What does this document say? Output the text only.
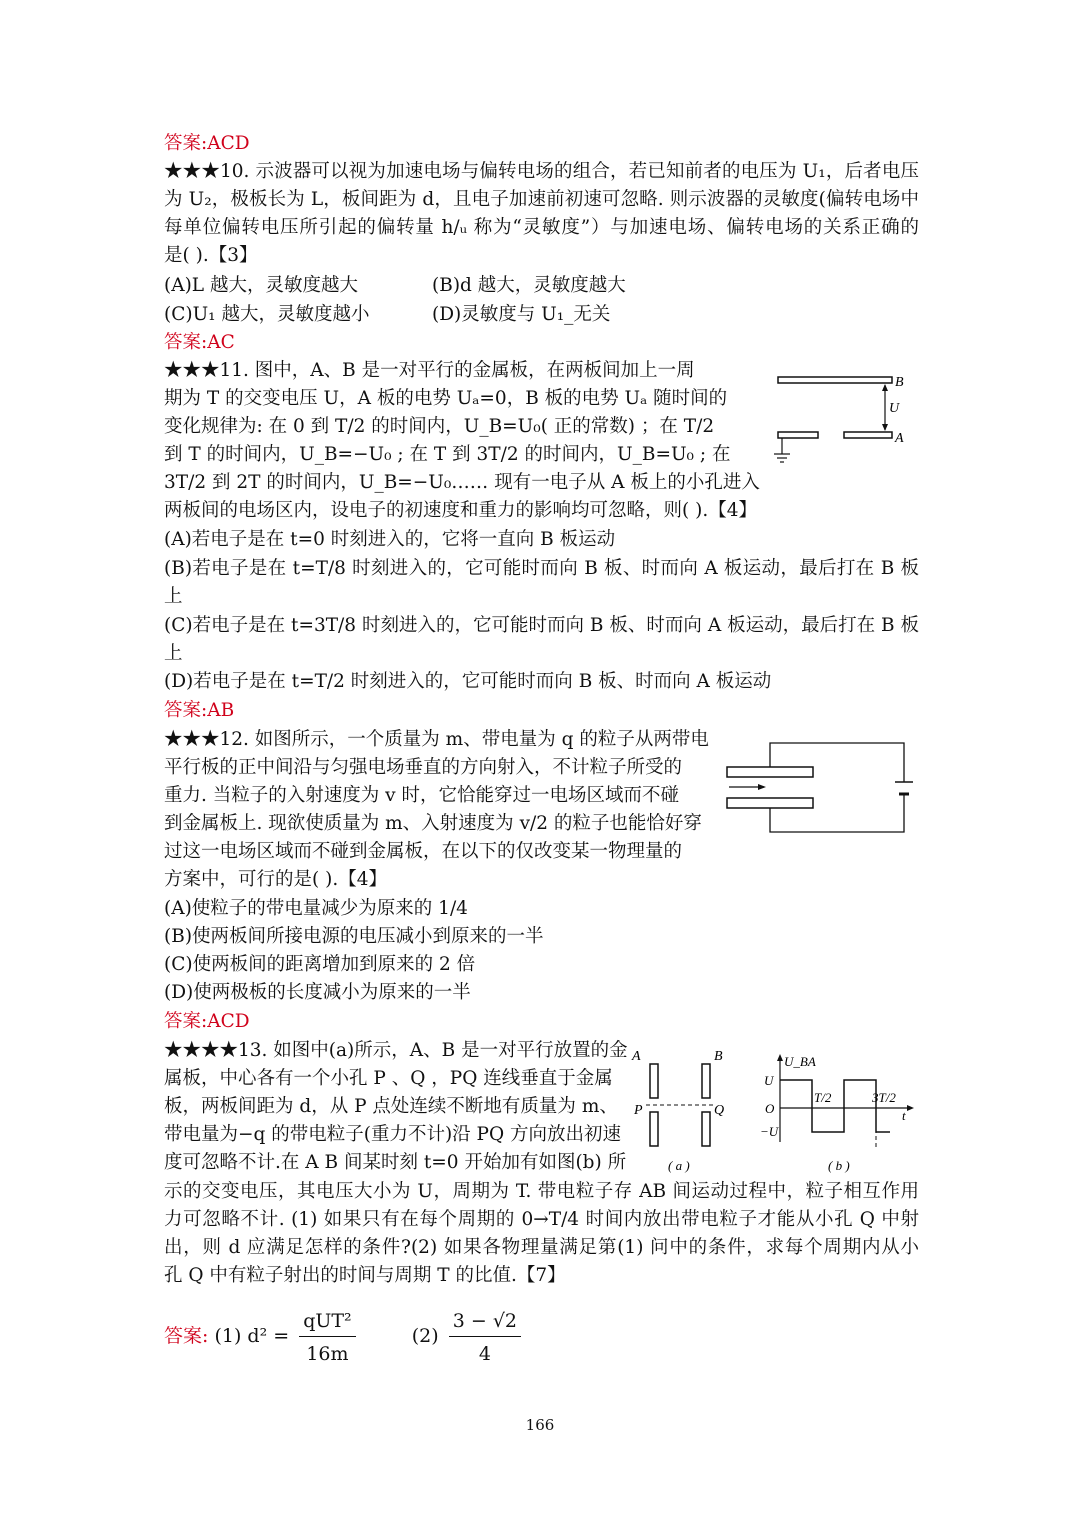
答案:ACD
★★★10. 示波器可以视为加速电场与偏转电场的组合，若已知前者的电压为 U₁，后者电压
为 U₂，极板长为 L，板间距为 d，且电子加速前初速可忽略. 则示波器的灵敏度(偏转电场中
每单位偏转电压所引起的偏转量 h/ᵤ 称为“灵敏度”）与加速电场、偏转电场的关系正确的
是( ).【3】
(A)L 越大，灵敏度越大	(B)d 越大，灵敏度越大
(C)U₁ 越大，灵敏度越小	(D)灵敏度与 U₁_无关
答案:AC
★★★11. 图中，A、B 是一对平行的金属板，在两板间加上一周
期为 T 的交变电压 U，A 板的电势 Uₐ=0，B 板的电势 Uₐ 随时间的
变化规律为: 在 0 到 T/2 的时间内，U_B=U₀( 正的常数) ；在 T/2
到 T 的时间内，U_B=−U₀ ; 在 T 到 3T/2 的时间内，U_B=U₀ ; 在
3T/2 到 2T 的时间内，U_B=−U₀…… 现有一电子从 A 板上的小孔进入
两板间的电场区内，设电子的初速度和重力的影响均可忽略，则( ).【4】
(A)若电子是在 t=0 时刻进入的，它将一直向 B 板运动
(B)若电子是在 t=T/8 时刻进入的，它可能时而向 B 板、时而向 A 板运动，最后打在 B 板
上
(C)若电子是在 t=3T/8 时刻进入的，它可能时而向 B 板、时而向 A 板运动，最后打在 B 板
上
(D)若电子是在 t=T/2 时刻进入的，它可能时而向 B 板、时而向 A 板运动
答案:AB
★★★12. 如图所示，一个质量为 m、带电量为 q 的粒子从两带电
平行板的正中间沿与匀强电场垂直的方向射入，不计粒子所受的
重力. 当粒子的入射速度为 v 时，它恰能穿过一电场区域而不碰
到金属板上. 现欲使质量为 m、入射速度为 v/2 的粒子也能恰好穿
过这一电场区域而不碰到金属板，在以下的仅改变某一物理量的
方案中，可行的是( ).【4】
(A)使粒子的带电量减少为原来的 1/4
(B)使两板间所接电源的电压减小到原来的一半
(C)使两板间的距离增加到原来的 2 倍
(D)使两极板的长度减小为原来的一半
答案:ACD
★★★★13. 如图中(a)所示，A、B 是一对平行放置的金
属板，中心各有一个小孔 P 、Q ，PQ 连线垂直于金属
板，两板间距为 d，从 P 点处连续不断地有质量为 m、
带电量为−q 的带电粒子(重力不计)沿 PQ 方向放出初速
度可忽略不计.在 A B 间某时刻 t=0 开始加有如图(b) 所
示的交变电压，其电压大小为 U，周期为 T. 带电粒子存 AB 间运动过程中，粒子相互作用
力可忽略不计. (1) 如果只有在每个周期的 0→T/4 时间内放出带电粒子才能从小孔 Q 中射
出，则 d 应满足怎样的条件?(2) 如果各物理量满足第(1) 问中的条件，求每个周期内从小
孔 Q 中有粒子射出的时间与周期 T 的比值.【7】
答案: (1) $d^2 = \frac{\text{qUT²}}{16m}$	$(2) \frac{3 - √2}{4}$
B
U
A
A	B
P	Q
( a )
U_BA
U
O
−U
T/2	3T/2
t
( b )
166
